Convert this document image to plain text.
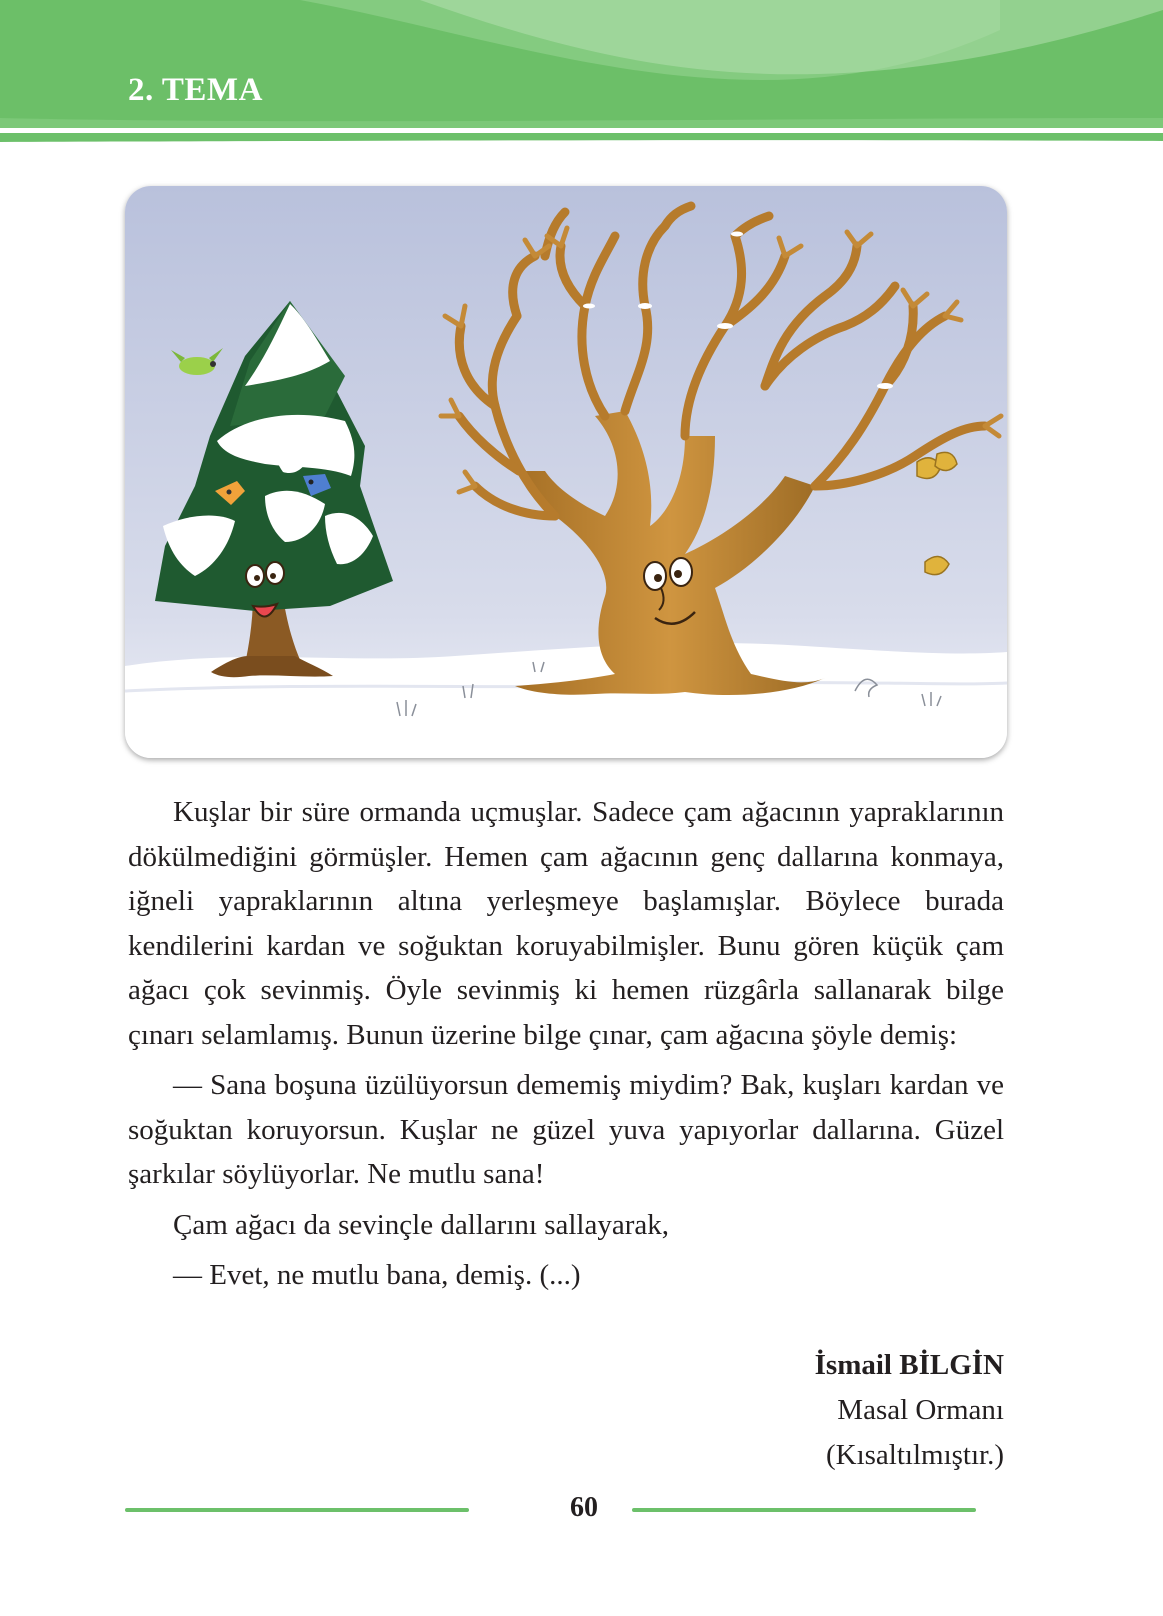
2. TEMA

Kuşlar bir süre ormanda uçmuşlar. Sadece çam ağacının yapraklarının dökülmediğini görmüşler. Hemen çam ağacının genç dallarına konmaya, iğneli yapraklarının altına yerleşmeye başlamışlar. Böylece burada kendilerini kardan ve soğuktan koruyabilmişler. Bunu gören küçük çam ağacı çok sevinmiş. Öyle sevinmiş ki hemen rüzgârla sallanarak bilge çınarı selamlamış. Bunun üzerine bilge çınar, çam ağacına şöyle demiş:

— Sana boşuna üzülüyorsun dememiş miydim? Bak, kuşları kardan ve soğuktan koruyorsun. Kuşlar ne güzel yuva yapıyorlar dallarına. Güzel şarkılar söylüyorlar. Ne mutlu sana!

Çam ağacı da sevinçle dallarını sallayarak,

— Evet, ne mutlu bana, demiş. (...)

İsmail BİLGİN
Masal Ormanı
(Kısaltılmıştır.)
60
